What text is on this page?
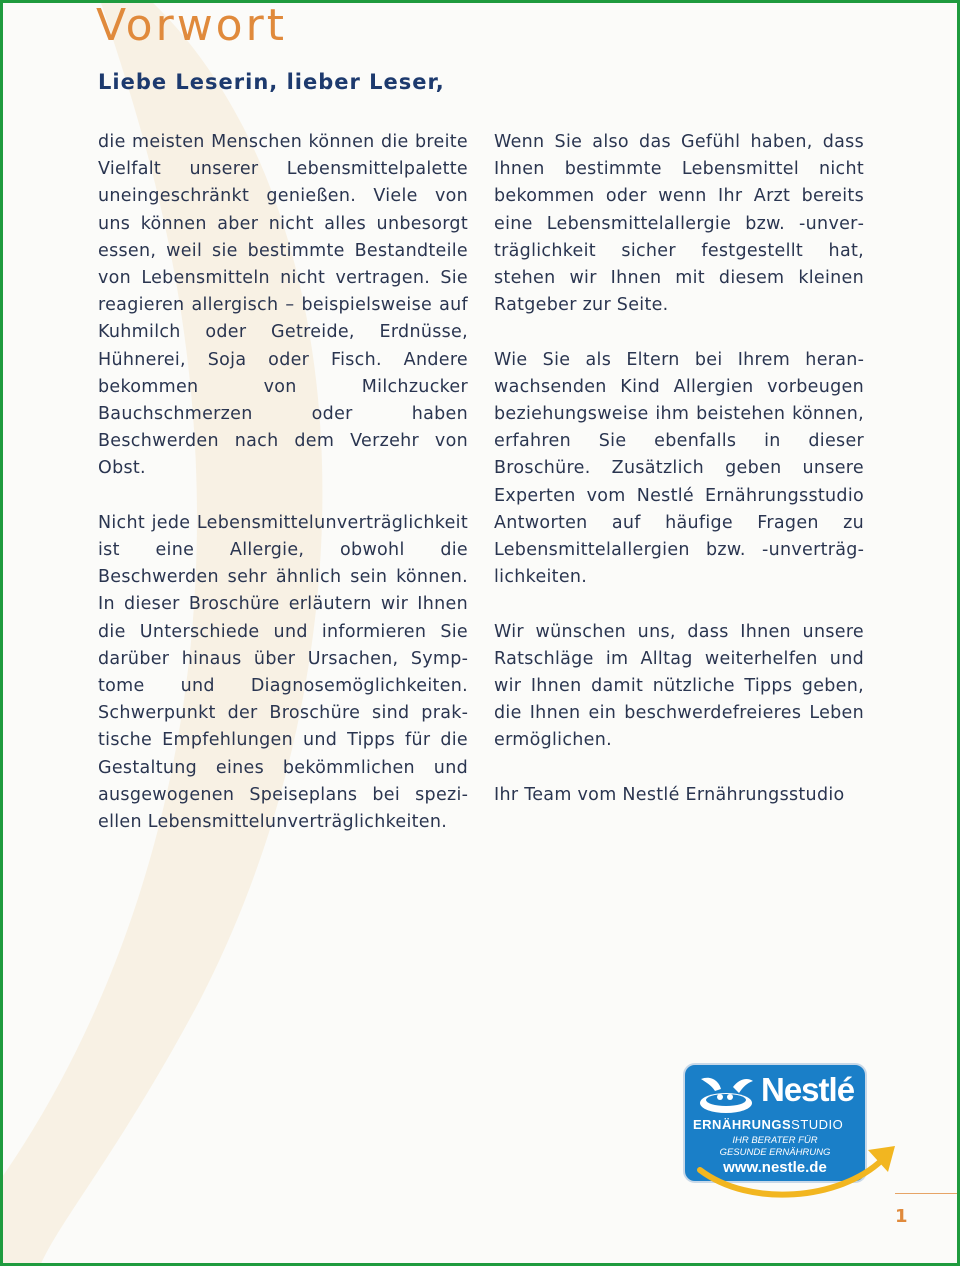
Vorwort
Liebe Leserin, lieber Leser,

die meisten Menschen können die breite Vielfalt unserer Lebensmittelpalette uneingeschränkt genießen. Viele von uns können aber nicht alles unbesorgt essen, weil sie bestimmte Bestandteile von Lebensmitteln nicht vertragen. Sie reagieren allergisch – beispielsweise auf Kuhmilch oder Getreide, Erdnüsse, Hühnerei, Soja oder Fisch. Andere bekommen von Milchzucker Bauchschmerzen oder haben Beschwerden nach dem Verzehr von Obst.

Nicht jede Lebensmittelunverträglichkeit ist eine Allergie, obwohl die Beschwerden sehr ähnlich sein können. In dieser Broschüre erläutern wir Ihnen die Unterschiede und informieren Sie darüber hinaus über Ursachen, Symptome und Diagnosemöglichkeiten. Schwerpunkt der Broschüre sind praktische Empfehlungen und Tipps für die Gestaltung eines bekömmlichen und ausgewogenen Speiseplans bei speziellen Lebensmittelunverträglichkeiten.

Wenn Sie also das Gefühl haben, dass Ihnen bestimmte Lebensmittel nicht bekommen oder wenn Ihr Arzt bereits eine Lebensmittelallergie bzw. -unverträglichkeit sicher festgestellt hat, stehen wir Ihnen mit diesem kleinen Ratgeber zur Seite.

Wie Sie als Eltern bei Ihrem heranwachsenden Kind Allergien vorbeugen beziehungsweise ihm beistehen können, erfahren Sie ebenfalls in dieser Broschüre. Zusätzlich geben unsere Experten vom Nestlé Ernährungsstudio Antworten auf häufige Fragen zu Lebensmittelallergien bzw. -unverträglichkeiten.

Wir wünschen uns, dass Ihnen unsere Ratschläge im Alltag weiterhelfen und wir Ihnen damit nützliche Tipps geben, die Ihnen ein beschwerdefreieres Leben ermöglichen.

Ihr Team vom Nestlé Ernährungsstudio

Nestlé
ERNÄHRUNGSSTUDIO
IHR BERATER FÜR
GESUNDE ERNÄHRUNG
www.nestle.de
1
